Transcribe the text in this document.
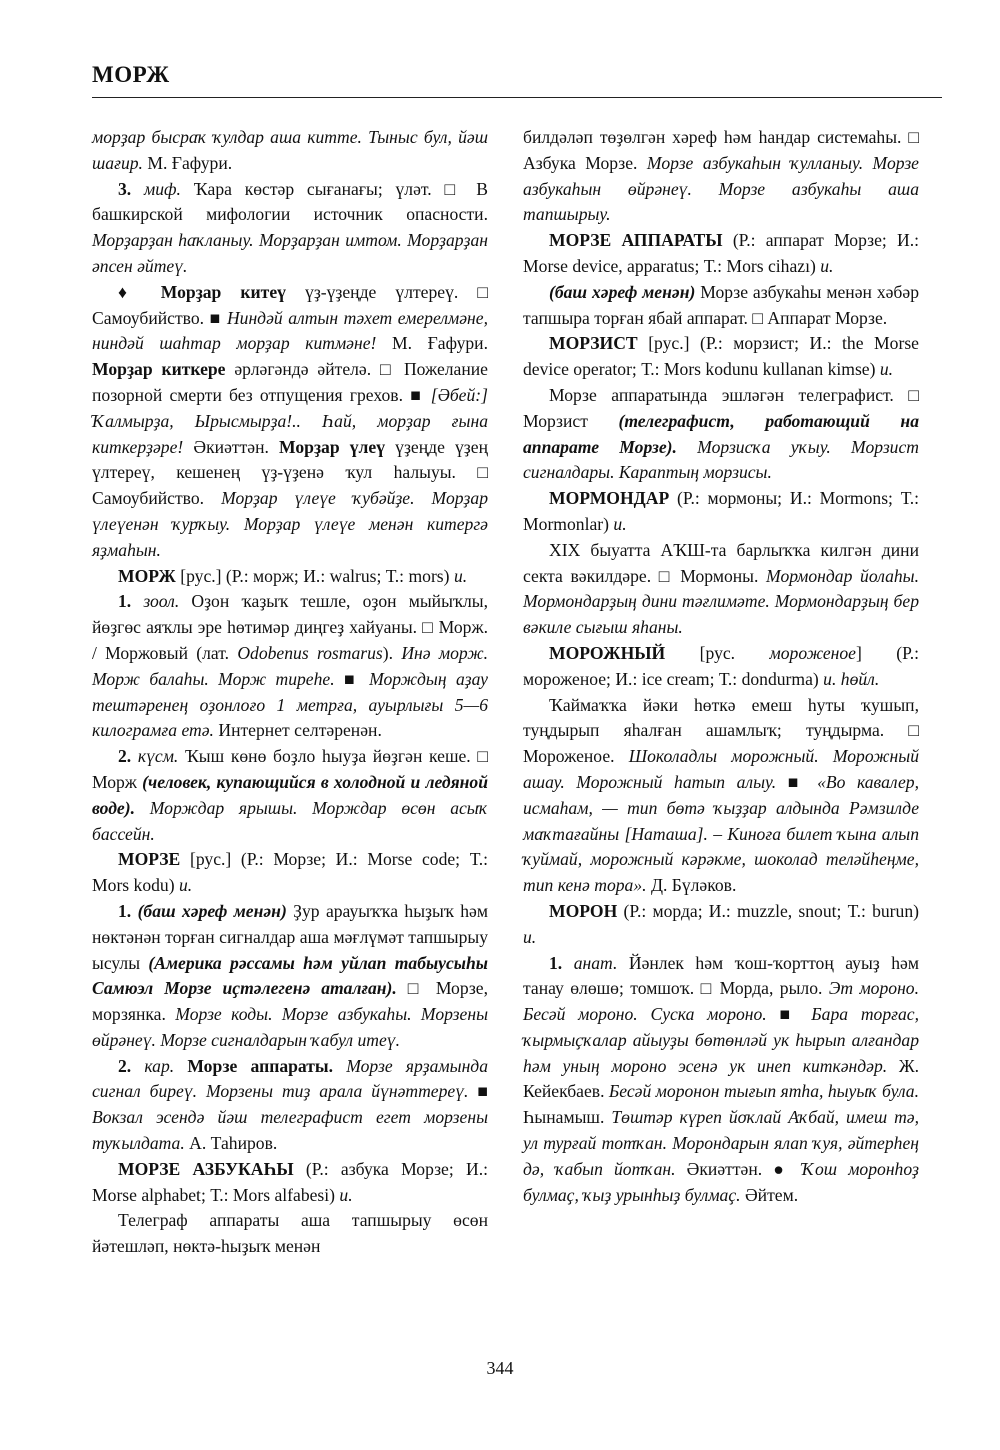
МОРЖ

морҙар бысраҡ ҡулдар аша китте. Тыныс бул, йәш шағир. М. Ғафури.

3. миф. Ҡара көстәр сығанағы; үләт. □ В башкирской мифологии источник опасности. Морҙарҙан һаҡланыу. Морҙарҙан имтом. Морҙарҙан әпсен әйтеү.

♦ Морҙар китеү үҙ-үҙеңде үлтереү. □ Самоубийство. ■ Ниндәй алтын тәхет емерелмәне, ниндәй шаһтар морҙар китмәне! М. Ғафури. Морҙар киткере әрләгәндә әйтелә. □ Пожелание позорной смерти без отпущения грехов. ■ [Әбей:] Ҡалмырҙа, Ырысмырҙа!.. Һай, морҙар ғына киткерҙәре! Әкиәттән. Морҙар үлеү үҙеңде үҙең үлтереү, кешенең үҙ-үҙенә ҡул һалыуы. □ Самоубийство. Морҙар үлеүе ҡубәйҙе. Морҙар үлеүенән ҡурҡыу. Морҙар үлеүе менән китергә яҙмаһын.

МОРЖ [рус.] (Р.: морж; И.: walrus; Т.: mors) и.

1. зоол. Оҙон ҡаҙыҡ тешле, оҙон мыйыҡлы, йөҙгөс аяҡлы эре һөтимәр диңгеҙ хайуаны. □ Морж. / Моржовый (лат. Odobenus rosmarus). Инә морж. Морж балаһы. Морж тиреһе. ■ Морждың аҙау тештәренең оҙонлоғо 1 метрға, ауырлығы 5—6 килограмға етә. Интернет селтәренән.

2. күсм. Ҡыш көнө боҙло һыуҙа йөҙгән кеше. □ Морж (человек, купающийся в холодной и ледяной воде). Морждар ярышы. Морждар өсөн асыҡ бассейн.

МОРЗЕ [рус.] (Р.: Морзе; И.: Morse code; Т.: Mors kodu) и.

1. (баш хәреф менән) Ҙур арауыҡҡа һыҙыҡ һәм нөктәнән торған сигналдар аша мәғлүмәт тапшырыу ысулы (Америка рәссамы һәм уйлап табыусыһы Самюэл Морзе иҫтәлегенә аталған). □ Морзе, морзянка. Морзе коды. Морзе азбукаһы. Морзены өйрәнеү. Морзе сигналдарын ҡабул итеү.

2. кар. Морзе аппараты. Морзе ярҙамында сигнал биреү. Морзены тиҙ арала йүнәттереү. ■ Вокзал эсендә йәш телеграфист егет морзены туҡылдата. А. Таһиров.

МОРЗЕ АЗБУКАҺЫ (Р.: азбука Морзе; И.: Morse alphabet; Т.: Mors alfabesi) и.

Телеграф аппараты аша тапшырыу өсөн йәтешләп, нөктә-һыҙыҡ менән

билдәләп төҙөлгән хәреф һәм һандар системаһы. □ Азбука Морзе. Морзе азбукаһын ҡулланыу. Морзе азбукаһын өйрәнеү. Морзе азбукаһы аша тапшырыу.

МОРЗЕ АППАРАТЫ (Р.: аппарат Морзе; И.: Morse device, apparatus; Т.: Mors cihazı) и.

(баш хәреф менән) Морзе азбукаһы менән хәбәр тапшыра торған ябай аппарат. □ Аппарат Морзе.

МОРЗИСТ [рус.] (Р.: морзист; И.: the Morse device operator; Т.: Mors kodunu kullanan kimse) и.

Морзе аппаратында эшләгән телеграфист. □ Морзист (телеграфист, работающий на аппарате Морзе). Морзисҡа уҡыу. Морзист сигналдары. Караптың морзисы.

МОРМОНДАР (Р.: мормоны; И.: Mormons; Т.: Mormonlar) и.

XIX быуатта АҠШ-та барлыҡҡа килгән дини секта вәкилдәре. □ Мормоны. Мормондар йолаһы. Мормондарҙың дини тәғлимәте. Мормондарҙың бер вәкиле сығыш яһаны.

МОРОЖНЫЙ [рус. мороженое] (Р.: мороженое; И.: ice cream; Т.: dondurma) и. һөйл.

Ҡаймаҡҡа йәки һөткә емеш һуты ҡушып, туңдырып яһалған ашамлыҡ; туңдырма. □ Мороженое. Шоколадлы морожный. Морожный ашау. Морожный һатып алыу. ■ «Во кавалер, исмаһам, — тип бөтә ҡыҙҙар алдында Рәмзилде маҡтағайны [Наташа]. – Киноға билет ҡына алып ҡуймай, морожный кәрәкме, шоколад теләйһеңме, тип кенә тора». Д. Бүләков.

МОРОН (Р.: морда; И.: muzzle, snout; Т.: burun) и.

1. анат. Йәнлек һәм ҡош-ҡорттоң ауыҙ һәм танау өлөшө; томшоҡ. □ Морда, рыло. Эт мороно. Бесәй мороно. Суска мороно. ■ Бара торғас, ҡырмыҫҡалар айыуҙы бөтөнләй ук һырып алғандар һәм уның мороно эсенә ук инеп киткәндәр. Ж. Кейекбаев. Бесәй моронон тығып ятһа, һыуыҡ була. Һынамыш. Төштәр күреп йоҡлай Аҡбай, имеш тә, ул турғай тотҡан. Морондарын ялап ҡуя, әйтерһең дә, ҡабып йотҡан. Әкиәттән. ● Ҡош моронһоҙ булмаҫ, ҡыҙ урынһыҙ булмаҫ. Әйтем.

344
